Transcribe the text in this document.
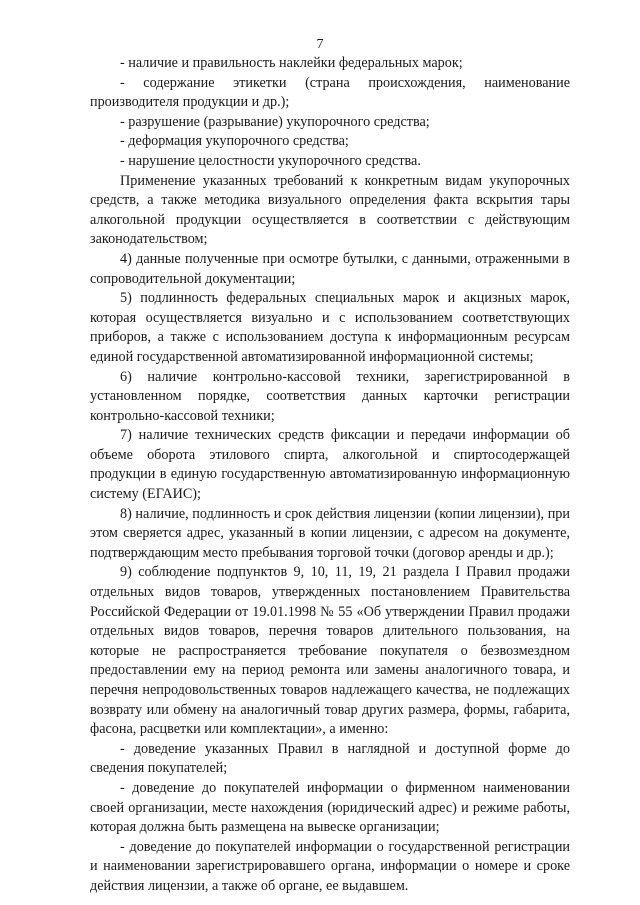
7

- наличие и правильность наклейки федеральных марок;

- содержание этикетки (страна происхождения, наименование производителя продукции и др.);

- разрушение (разрывание) укупорочного средства;

- деформация укупорочного средства;

- нарушение целостности укупорочного средства.

Применение указанных требований к конкретным видам укупорочных средств, а также методика визуального определения факта вскрытия тары алкогольной продукции осуществляется в соответствии с действующим законодательством;

4) данные полученные при осмотре бутылки, с данными, отраженными в сопроводительной документации;

5) подлинность федеральных специальных марок и акцизных марок, которая осуществляется визуально и с использованием соответствующих приборов, а также с использованием доступа к информационным ресурсам единой государственной автоматизированной информационной системы;

6) наличие контрольно-кассовой техники, зарегистрированной в установленном порядке, соответствия данных карточки регистрации контрольно-кассовой техники;

7) наличие технических средств фиксации и передачи информации об объеме оборота этилового спирта, алкогольной и спиртосодержащей продукции в единую государственную автоматизированную информационную систему (ЕГАИС);

8) наличие, подлинность и срок действия лицензии (копии лицензии), при этом сверяется адрес, указанный в копии лицензии, с адресом на документе, подтверждающим место пребывания торговой точки (договор аренды и др.);

9) соблюдение подпунктов 9, 10, 11, 19, 21 раздела I Правил продажи отдельных видов товаров, утвержденных постановлением Правительства Российской Федерации от 19.01.1998 № 55 «Об утверждении Правил продажи отдельных видов товаров, перечня товаров длительного пользования, на которые не распространяется требование покупателя о безвозмездном предоставлении ему на период ремонта или замены аналогичного товара, и перечня непродовольственных товаров надлежащего качества, не подлежащих возврату или обмену на аналогичный товар других размера, формы, габарита, фасона, расцветки или комплектации», а именно:

- доведение указанных Правил в наглядной и доступной форме до сведения покупателей;

- доведение до покупателей информации о фирменном наименовании своей организации, месте нахождения (юридический адрес) и режиме работы, которая должна быть размещена на вывеске организации;

- доведение до покупателей информации о государственной регистрации и наименовании зарегистрировавшего органа, информации о номере и сроке действия лицензии, а также об органе, ее выдавшем.
